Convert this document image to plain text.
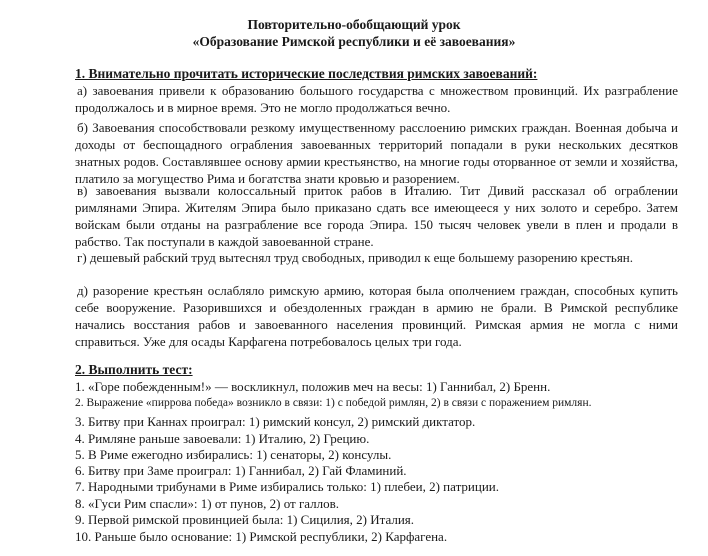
Повторительно-обобщающий урок
«Образование Римской республики и её завоевания»
1. Внимательно прочитать исторические последствия римских завоеваний:
а) завоевания привели к образованию большого государства с множеством провинций. Их разграбление продолжалось и в мирное время. Это не могло продолжаться вечно.
б) Завоевания способствовали резкому имущественному расслоению римских граждан. Военная добыча и доходы от беспощадного ограбления завоеванных территорий попадали в руки нескольких десятков знатных родов. Составлявшее основу армии крестьянство, на многие годы оторванное от земли и хозяйства, платило за могущество Рима и богатства знати кровью и разорением.
в) завоевания вызвали колоссальный приток рабов в Италию. Тит Дивий рассказал об ограблении римлянами Эпира. Жителям Эпира было приказано сдать все имеющееся у них золото и серебро. Затем войскам были отданы на разграбление все города Эпира. 150 тысяч человек увели в плен и продали в рабство. Так поступали в каждой завоеванной стране.
г) дешевый рабский труд вытеснял труд свободных, приводил к еще большему разорению крестьян.
д) разорение крестьян ослабляло римскую армию, которая была ополчением граждан, способных купить себе вооружение. Разорившихся и обездоленных граждан в армию не брали. В Римской республике начались восстания рабов и завоеванного населения провинций. Римская армия не могла с ними справиться. Уже для осады Карфагена потребовалось целых три года.
2. Выполнить тест:
1. «Горе побежденным!» — воскликнул, положив меч на весы: 1) Ганнибал, 2) Бренн.
2. Выражение «пиррова победа» возникло в связи: 1) с победой римлян, 2) в связи с поражением римлян.
3. Битву при Каннах проиграл: 1) римский консул, 2) римский диктатор.
4. Римляне раньше завоевали: 1) Италию, 2) Грецию.
5. В Риме ежегодно избирались: 1) сенаторы, 2) консулы.
6. Битву при Заме проиграл: 1) Ганнибал, 2) Гай Фламиний.
7. Народными трибунами в Риме избирались только: 1) плебеи, 2) патриции.
8. «Гуси Рим спасли»: 1) от пунов, 2) от галлов.
9. Первой римской провинцией была: 1) Сицилия, 2) Италия.
10. Раньше было основание: 1) Римской республики, 2) Карфагена.
